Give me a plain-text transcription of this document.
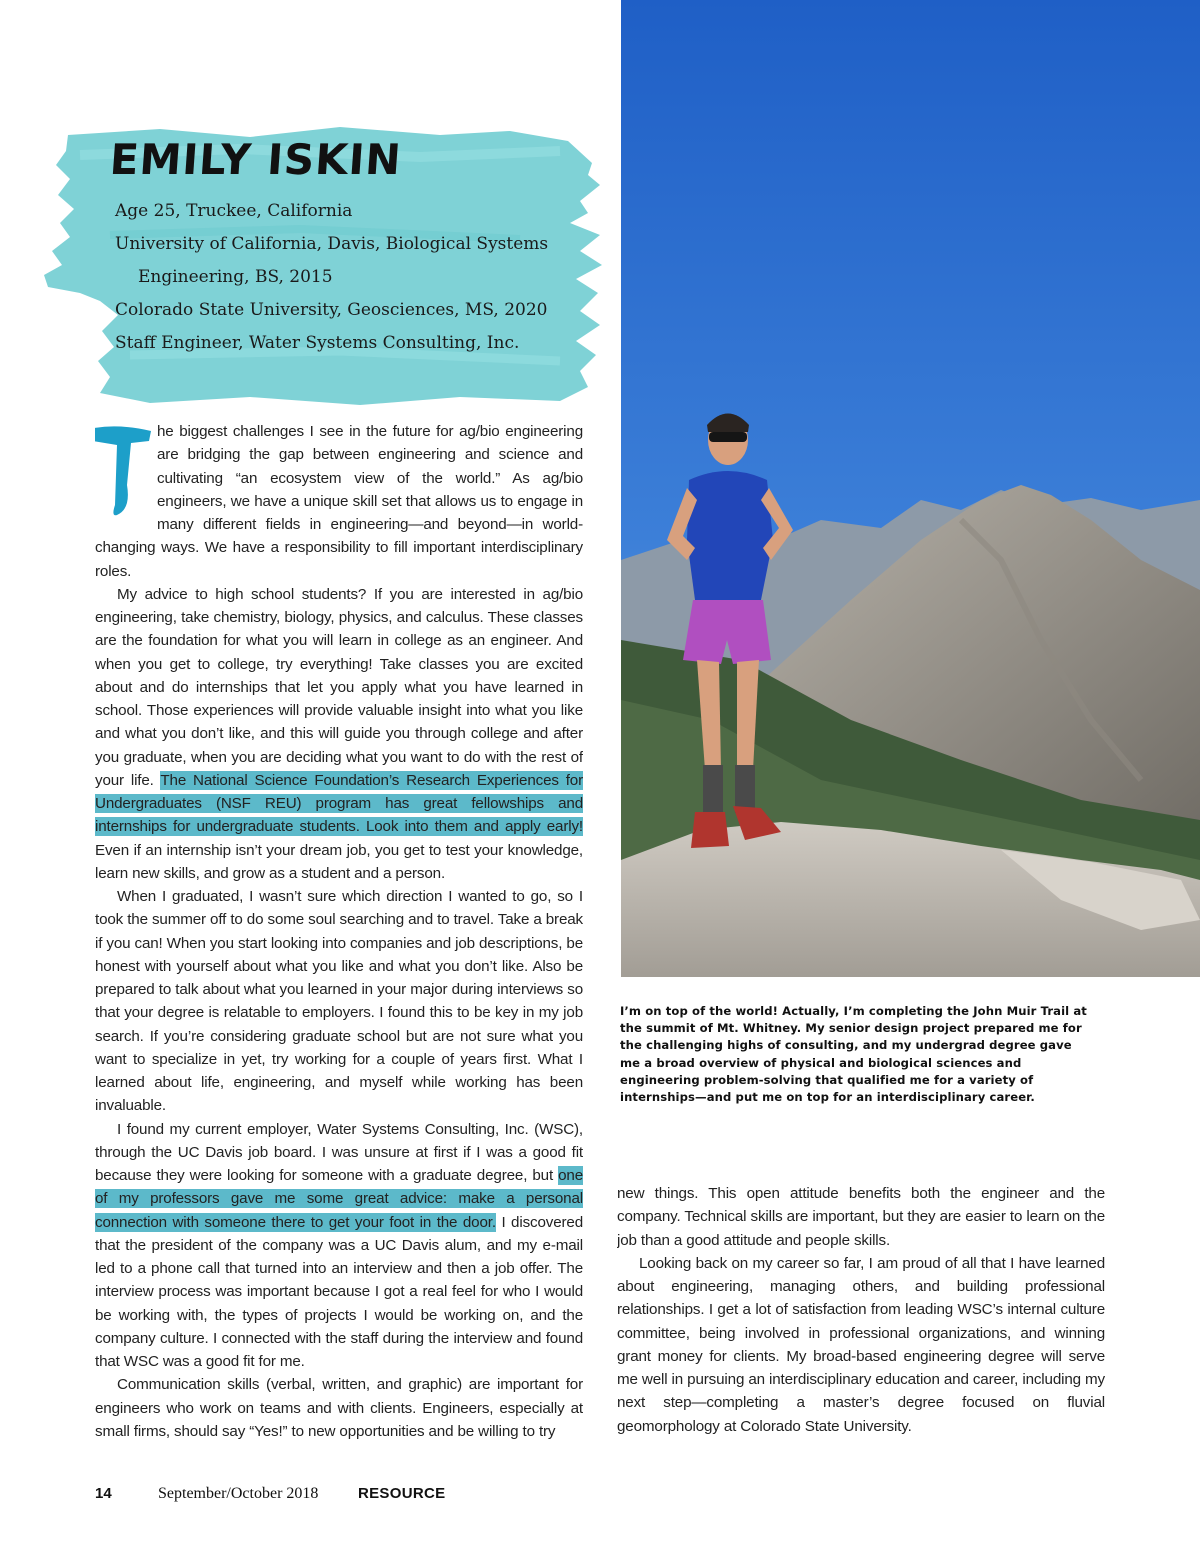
EMILY ISKIN
Age 25, Truckee, California
University of California, Davis, Biological Systems
Engineering, BS, 2015
Colorado State University, Geosciences, MS, 2020
Staff Engineer, Water Systems Consulting, Inc.

he biggest challenges I see in the future for ag/bio engineering are bridging the gap between engineering and science and cultivating “an ecosystem view of the world.” As ag/bio engineers, we have a unique skill set that allows us to engage in many different fields in engineering—and beyond—in world-changing ways. We have a responsibility to fill important interdisciplinary roles.

My advice to high school students? If you are interested in ag/bio engineering, take chemistry, biology, physics, and calculus. These classes are the foundation for what you will learn in college as an engineer. And when you get to college, try everything! Take classes you are excited about and do internships that let you apply what you have learned in school. Those experiences will provide valuable insight into what you like and what you don’t like, and this will guide you through college and after you graduate, when you are deciding what you want to do with the rest of your life. The National Science Foundation’s Research Experiences for Undergraduates (NSF REU) program has great fellowships and internships for undergraduate students. Look into them and apply early! Even if an internship isn’t your dream job, you get to test your knowledge, learn new skills, and grow as a student and a person.

When I graduated, I wasn’t sure which direction I wanted to go, so I took the summer off to do some soul searching and to travel. Take a break if you can! When you start looking into companies and job descriptions, be honest with yourself about what you like and what you don’t like. Also be prepared to talk about what you learned in your major during interviews so that your degree is relatable to employers. I found this to be key in my job search. If you’re considering graduate school but are not sure what you want to specialize in yet, try working for a couple of years first. What I learned about life, engineering, and myself while working has been invaluable.

I found my current employer, Water Systems Consulting, Inc. (WSC), through the UC Davis job board. I was unsure at first if I was a good fit because they were looking for someone with a graduate degree, but one of my professors gave me some great advice: make a personal connection with someone there to get your foot in the door. I discovered that the president of the company was a UC Davis alum, and my e-mail led to a phone call that turned into an interview and then a job offer. The interview process was important because I got a real feel for who I would be working with, the types of projects I would be working on, and the company culture. I connected with the staff during the interview and found that WSC was a good fit for me.

Communication skills (verbal, written, and graphic) are important for engineers who work on teams and with clients. Engineers, especially at small firms, should say “Yes!” to new opportunities and be willing to try

I’m on top of the world! Actually, I’m completing the John Muir Trail at the summit of Mt. Whitney. My senior design project prepared me for the challenging highs of consulting, and my undergrad degree gave me a broad overview of physical and biological sciences and engineering problem-solving that qualified me for a variety of internships—and put me on top for an interdisciplinary career.

new things. This open attitude benefits both the engineer and the company. Technical skills are important, but they are easier to learn on the job than a good attitude and people skills.

Looking back on my career so far, I am proud of all that I have learned about engineering, managing others, and building professional relationships. I get a lot of satisfaction from leading WSC’s internal culture committee, being involved in professional organizations, and winning grant money for clients. My broad-based engineering degree will serve me well in pursuing an interdisciplinary education and career, including my next step—completing a master’s degree focused on fluvial geomorphology at Colorado State University.

14	September/October 2018	RESOURCE
